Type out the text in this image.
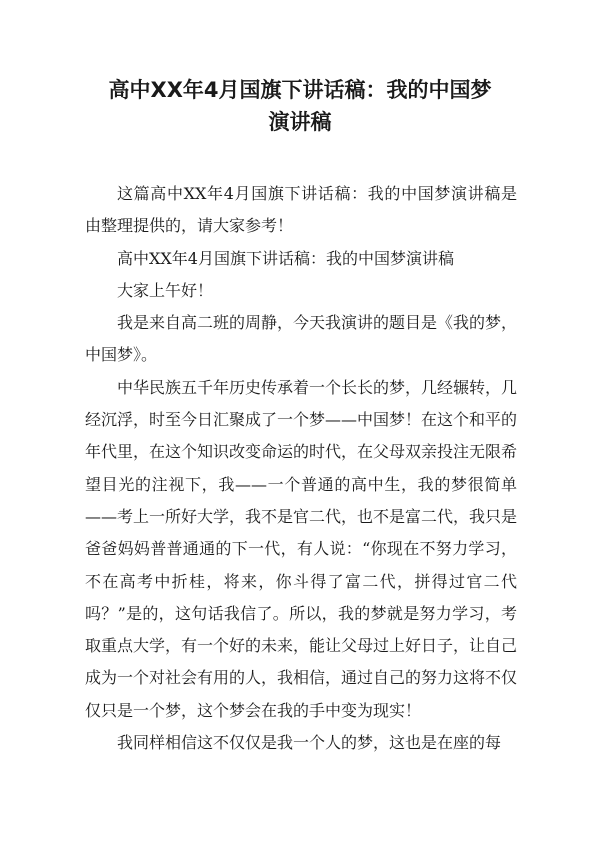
高中XX年4月国旗下讲话稿：我的中国梦
演讲稿

这篇高中XX年4月国旗下讲话稿：我的中国梦演讲稿是由整理提供的，请大家参考！

高中XX年4月国旗下讲话稿：我的中国梦演讲稿

大家上午好！

我是来自高二班的周静，今天我演讲的题目是《我的梦，中国梦》。

中华民族五千年历史传承着一个长长的梦，几经辗转，几经沉浮，时至今日汇聚成了一个梦——中国梦！在这个和平的年代里，在这个知识改变命运的时代，在父母双亲投注无限希望目光的注视下，我——一个普通的高中生，我的梦很简单——考上一所好大学，我不是官二代，也不是富二代，我只是爸爸妈妈普普通通的下一代，有人说：“你现在不努力学习，不在高考中折桂，将来，你斗得了富二代，拼得过官二代吗？”是的，这句话我信了。所以，我的梦就是努力学习，考取重点大学，有一个好的未来，能让父母过上好日子，让自己成为一个对社会有用的人，我相信，通过自己的努力这将不仅仅只是一个梦，这个梦会在我的手中变为现实！

我同样相信这不仅仅是我一个人的梦，这也是在座的每
